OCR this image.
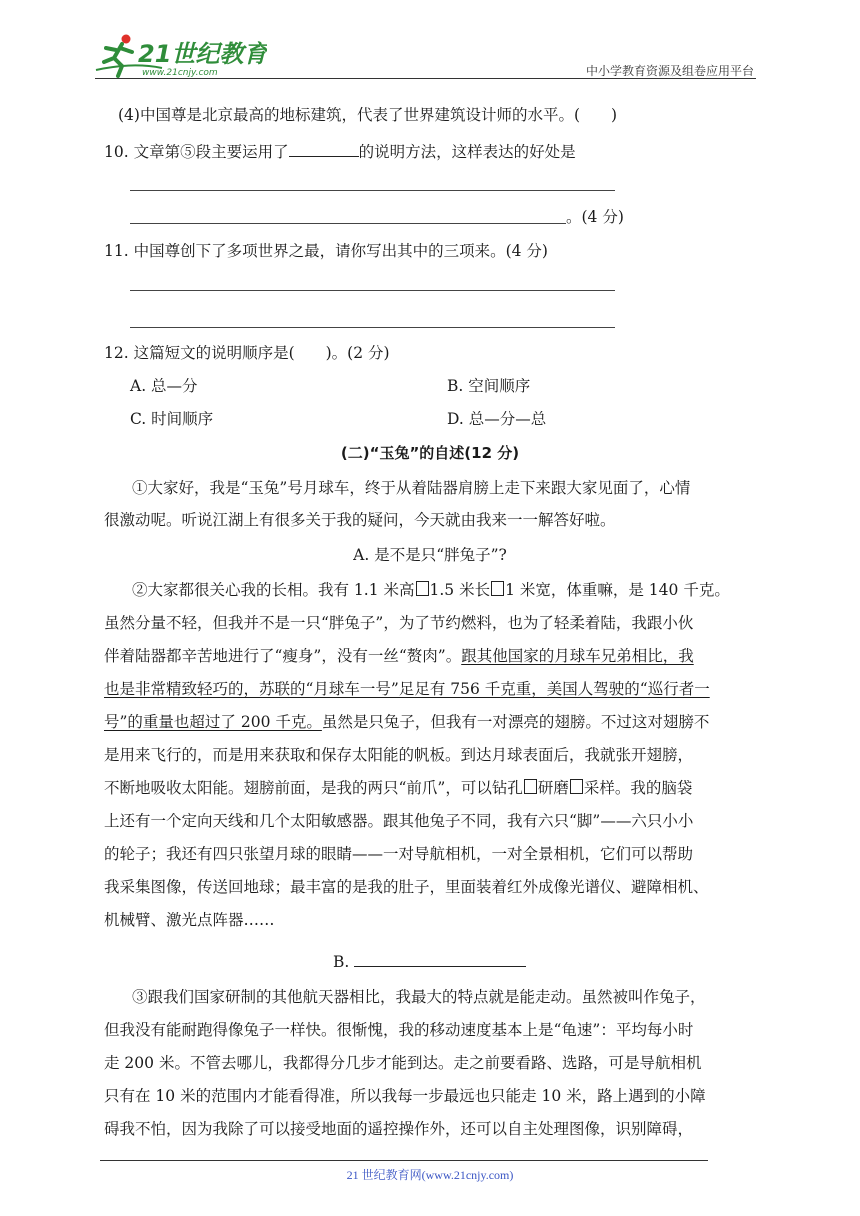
21世纪教育
www.21cnjy.com	中小学教育资源及组卷应用平台
(4)中国尊是北京最高的地标建筑，代表了世界建筑设计师的水平。(　　)
10. 文章第⑤段主要运用了	的说明方法，这样表达的好处是
。(4 分)
11. 中国尊创下了多项世界之最，请你写出其中的三项来。(4 分)
12. 这篇短文的说明顺序是(　　)。(2 分)
A. 总—分	B. 空间顺序
C. 时间顺序	D. 总—分—总
(二)“玉兔”的自述(12 分)
①大家好，我是“玉兔”号月球车，终于从着陆器肩膀上走下来跟大家见面了，心情
很激动呢。听说江湖上有很多关于我的疑问，今天就由我来一一解答好啦。
A. 是不是只“胖兔子”?
②大家都很关心我的长相。我有 1.1 米高 1.5 米长 1 米宽，体重嘛，是 140 千克。
虽然分量不轻，但我并不是一只“胖兔子”，为了节约燃料，也为了轻柔着陆，我跟小伙
伴着陆器都辛苦地进行了“瘦身”，没有一丝“赘肉”。跟其他国家的月球车兄弟相比，我
也是非常精致轻巧的，苏联的“月球车一号”足足有 756 千克重，美国人驾驶的“巡行者一
号”的重量也超过了 200 千克。虽然是只兔子，但我有一对漂亮的翅膀。不过这对翅膀不
是用来飞行的，而是用来获取和保存太阳能的帆板。到达月球表面后，我就张开翅膀，
不断地吸收太阳能。翅膀前面，是我的两只“前爪”，可以钻孔 研磨 采样。我的脑袋
上还有一个定向天线和几个太阳敏感器。跟其他兔子不同，我有六只“脚”——六只小小
的轮子；我还有四只张望月球的眼睛——一对导航相机，一对全景相机，它们可以帮助
我采集图像，传送回地球；最丰富的是我的肚子，里面装着红外成像光谱仪、避障相机、
机械臂、激光点阵器……
B.
③跟我们国家研制的其他航天器相比，我最大的特点就是能走动。虽然被叫作兔子，
但我没有能耐跑得像兔子一样快。很惭愧，我的移动速度基本上是“龟速”：平均每小时
走 200 米。不管去哪儿，我都得分几步才能到达。走之前要看路、选路，可是导航相机
只有在 10 米的范围内才能看得准，所以我每一步最远也只能走 10 米，路上遇到的小障
碍我不怕，因为我除了可以接受地面的遥控操作外，还可以自主处理图像，识别障碍，
21 世纪教育网(www.21cnjy.com)
